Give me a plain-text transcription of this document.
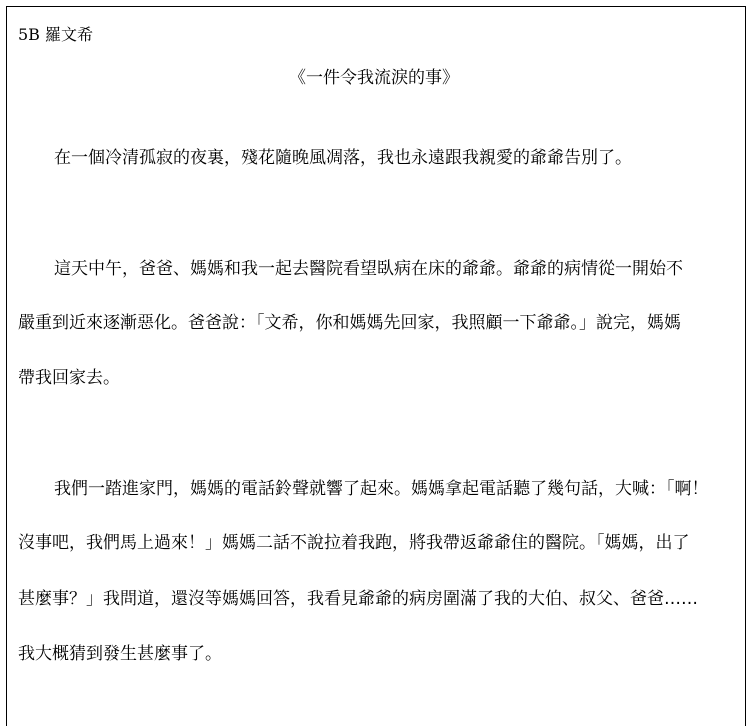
5B 羅文希
《一件令我流淚的事》
在一個冷清孤寂的夜裏，殘花隨晚風凋落，我也永遠跟我親愛的爺爺告別了。
這天中午，爸爸、媽媽和我一起去醫院看望臥病在床的爺爺。爺爺的病情從一開始不
嚴重到近來逐漸惡化。爸爸說：「文希，你和媽媽先回家，我照顧一下爺爺。」說完，媽媽
帶我回家去。
我們一踏進家門，媽媽的電話鈴聲就響了起來。媽媽拿起電話聽了幾句話，大喊：「啊！
沒事吧，我們馬上過來！」媽媽二話不說拉着我跑，將我帶返爺爺住的醫院。「媽媽，出了
甚麼事？」我問道，還沒等媽媽回答，我看見爺爺的病房圍滿了我的大伯、叔父、爸爸……
我大概猜到發生甚麼事了。
